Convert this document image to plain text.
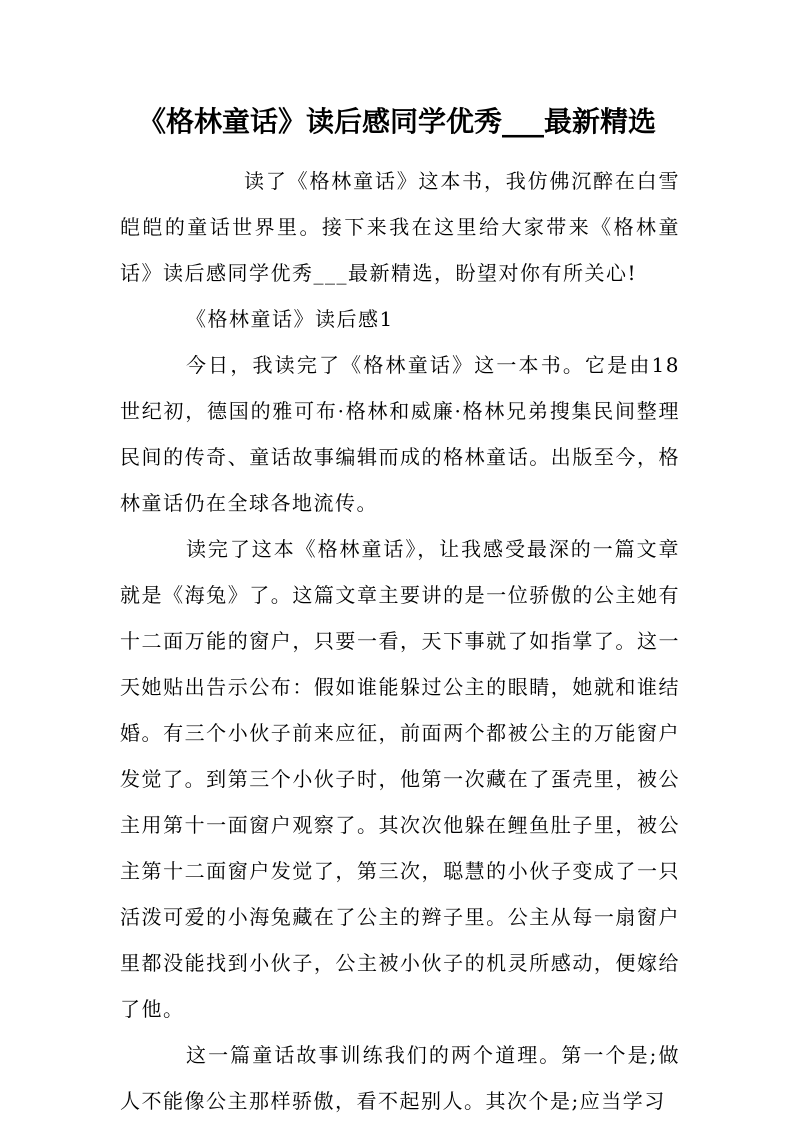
《格林童话》读后感同学优秀___最新精选

读了《格林童话》这本书，我仿佛沉醉在白雪皑皑的童话世界里。接下来我在这里给大家带来《格林童话》读后感同学优秀___最新精选，盼望对你有所关心!

《格林童话》读后感1

今日，我读完了《格林童话》这一本书。它是由18世纪初，德国的雅可布·格林和威廉·格林兄弟搜集民间整理民间的传奇、童话故事编辑而成的格林童话。出版至今，格林童话仍在全球各地流传。

读完了这本《格林童话》，让我感受最深的一篇文章就是《海兔》了。这篇文章主要讲的是一位骄傲的公主她有十二面万能的窗户，只要一看，天下事就了如指掌了。这一天她贴出告示公布：假如谁能躲过公主的眼睛，她就和谁结婚。有三个小伙子前来应征，前面两个都被公主的万能窗户发觉了。到第三个小伙子时，他第一次藏在了蛋壳里，被公主用第十一面窗户观察了。其次次他躲在鲤鱼肚子里，被公主第十二面窗户发觉了，第三次，聪慧的小伙子变成了一只活泼可爱的小海兔藏在了公主的辫子里。公主从每一扇窗户里都没能找到小伙子，公主被小伙子的机灵所感动，便嫁给了他。

这一篇童话故事训练我们的两个道理。第一个是;做人不能像公主那样骄傲，看不起别人。其次个是;应当学习
